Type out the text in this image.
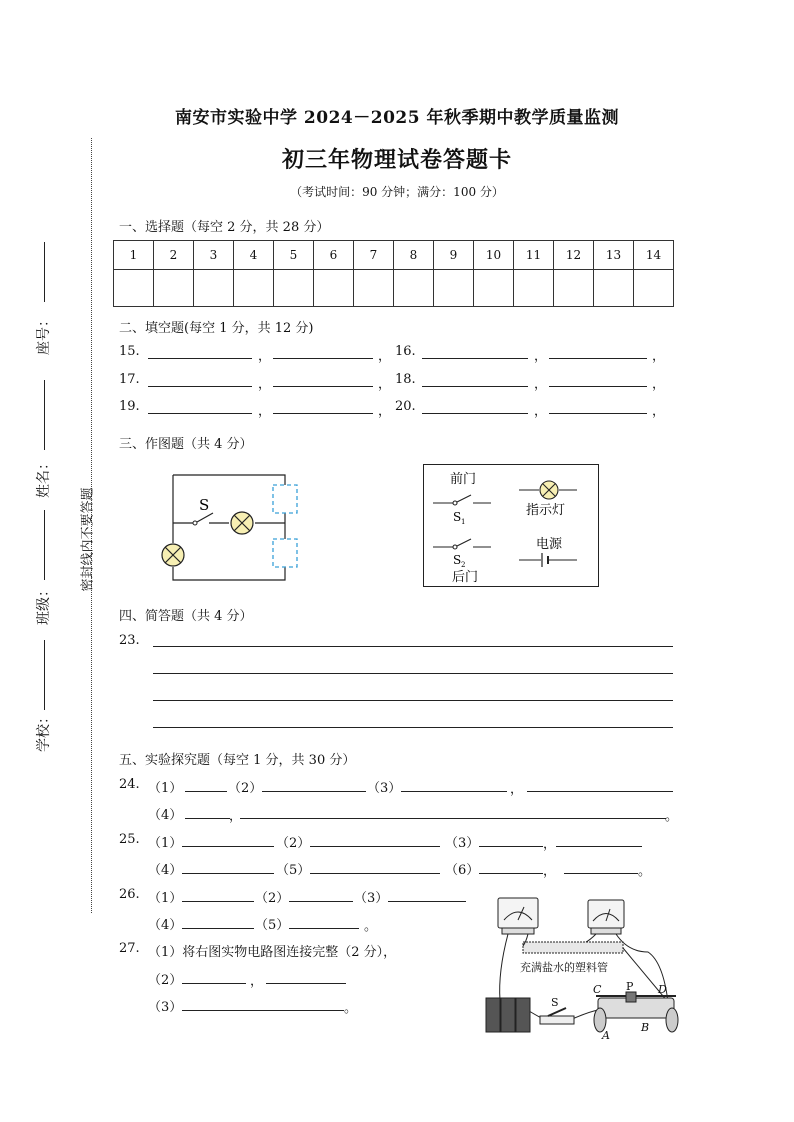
南安市实验中学 2024－2025 年秋季期中教学质量监测
初三年物理试卷答题卡
（考试时间：90 分钟；满分：100 分）
座号：
姓名：
班级：
学校：
密封线内不要答题
一、选择题（每空 2 分，共 28 分）
1	2	3	4	5	6	7	8	9	10	11	12	13	14

二、填空题(每空 1 分，共 12 分)
15.	，	， 16.	，	，
17.	，	， 18.	，	，
19.	，	， 20.	，	，
三、作图题（共 4 分）
S
前门
S 1
S 2
后门
指示灯
电源
四、简答题（共 4 分）
23.
五、实验探究题（每空 1 分，共 30 分）
24. （1）	（2）	（3）	，
（4）	，	。
25. （1）	（2）	（3）	，
（4）	（5）	（6）	，	。
26. （1）	（2）	（3）
（4）	（5）	。
27. （1）将右图实物电路图连接完整（2 分），
（2）	，
（3）	。
充满盐水的塑料管
S
C P D
A
B
